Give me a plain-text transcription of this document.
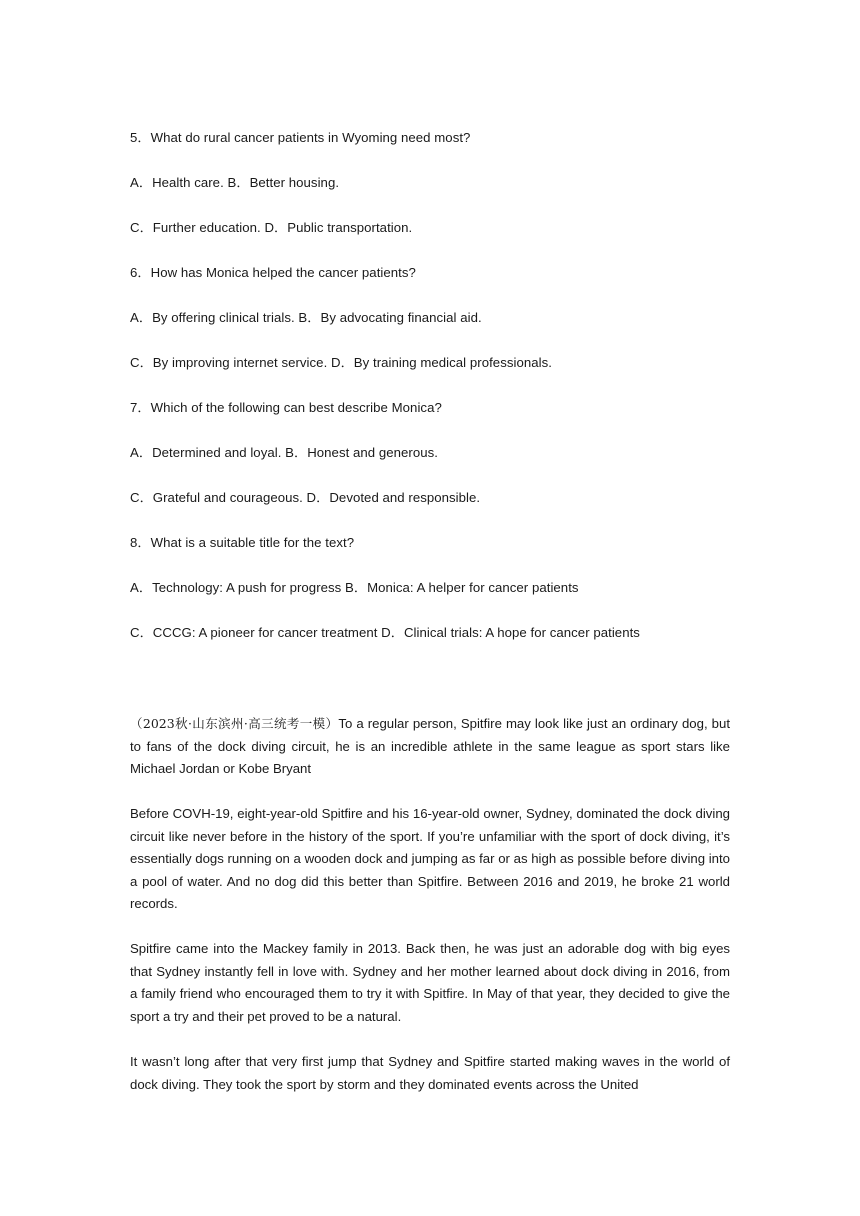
5．What do rural cancer patients in Wyoming need most?
A．Health care. B．Better housing.
C．Further education. D．Public transportation.
6．How has Monica helped the cancer patients?
A．By offering clinical trials. B．By advocating financial aid.
C．By improving internet service. D．By training medical professionals.
7．Which of the following can best describe Monica?
A．Determined and loyal. B．Honest and generous.
C．Grateful and courageous. D．Devoted and responsible.
8．What is a suitable title for the text?
A．Technology: A push for progress B．Monica: A helper for cancer patients
C．CCCG: A pioneer for cancer treatment D．Clinical trials: A hope for cancer patients
（2023秋·山东滨州·高三统考一模）To a regular person, Spitfire may look like just an ordinary dog, but to fans of the dock diving circuit, he is an incredible athlete in the same league as sport stars like Michael Jordan or Kobe Bryant
Before COVH-19, eight-year-old Spitfire and his 16-year-old owner, Sydney, dominated the dock diving circuit like never before in the history of the sport. If you’re unfamiliar with the sport of dock diving, it’s essentially dogs running on a wooden dock and jumping as far or as high as possible before diving into a pool of water. And no dog did this better than Spitfire. Between 2016 and 2019, he broke 21 world records.
Spitfire came into the Mackey family in 2013. Back then, he was just an adorable dog with big eyes that Sydney instantly fell in love with. Sydney and her mother learned about dock diving in 2016, from a family friend who encouraged them to try it with Spitfire. In May of that year, they decided to give the sport a try and their pet proved to be a natural.
It wasn’t long after that very first jump that Sydney and Spitfire started making waves in the world of dock diving. They took the sport by storm and they dominated events across the United
